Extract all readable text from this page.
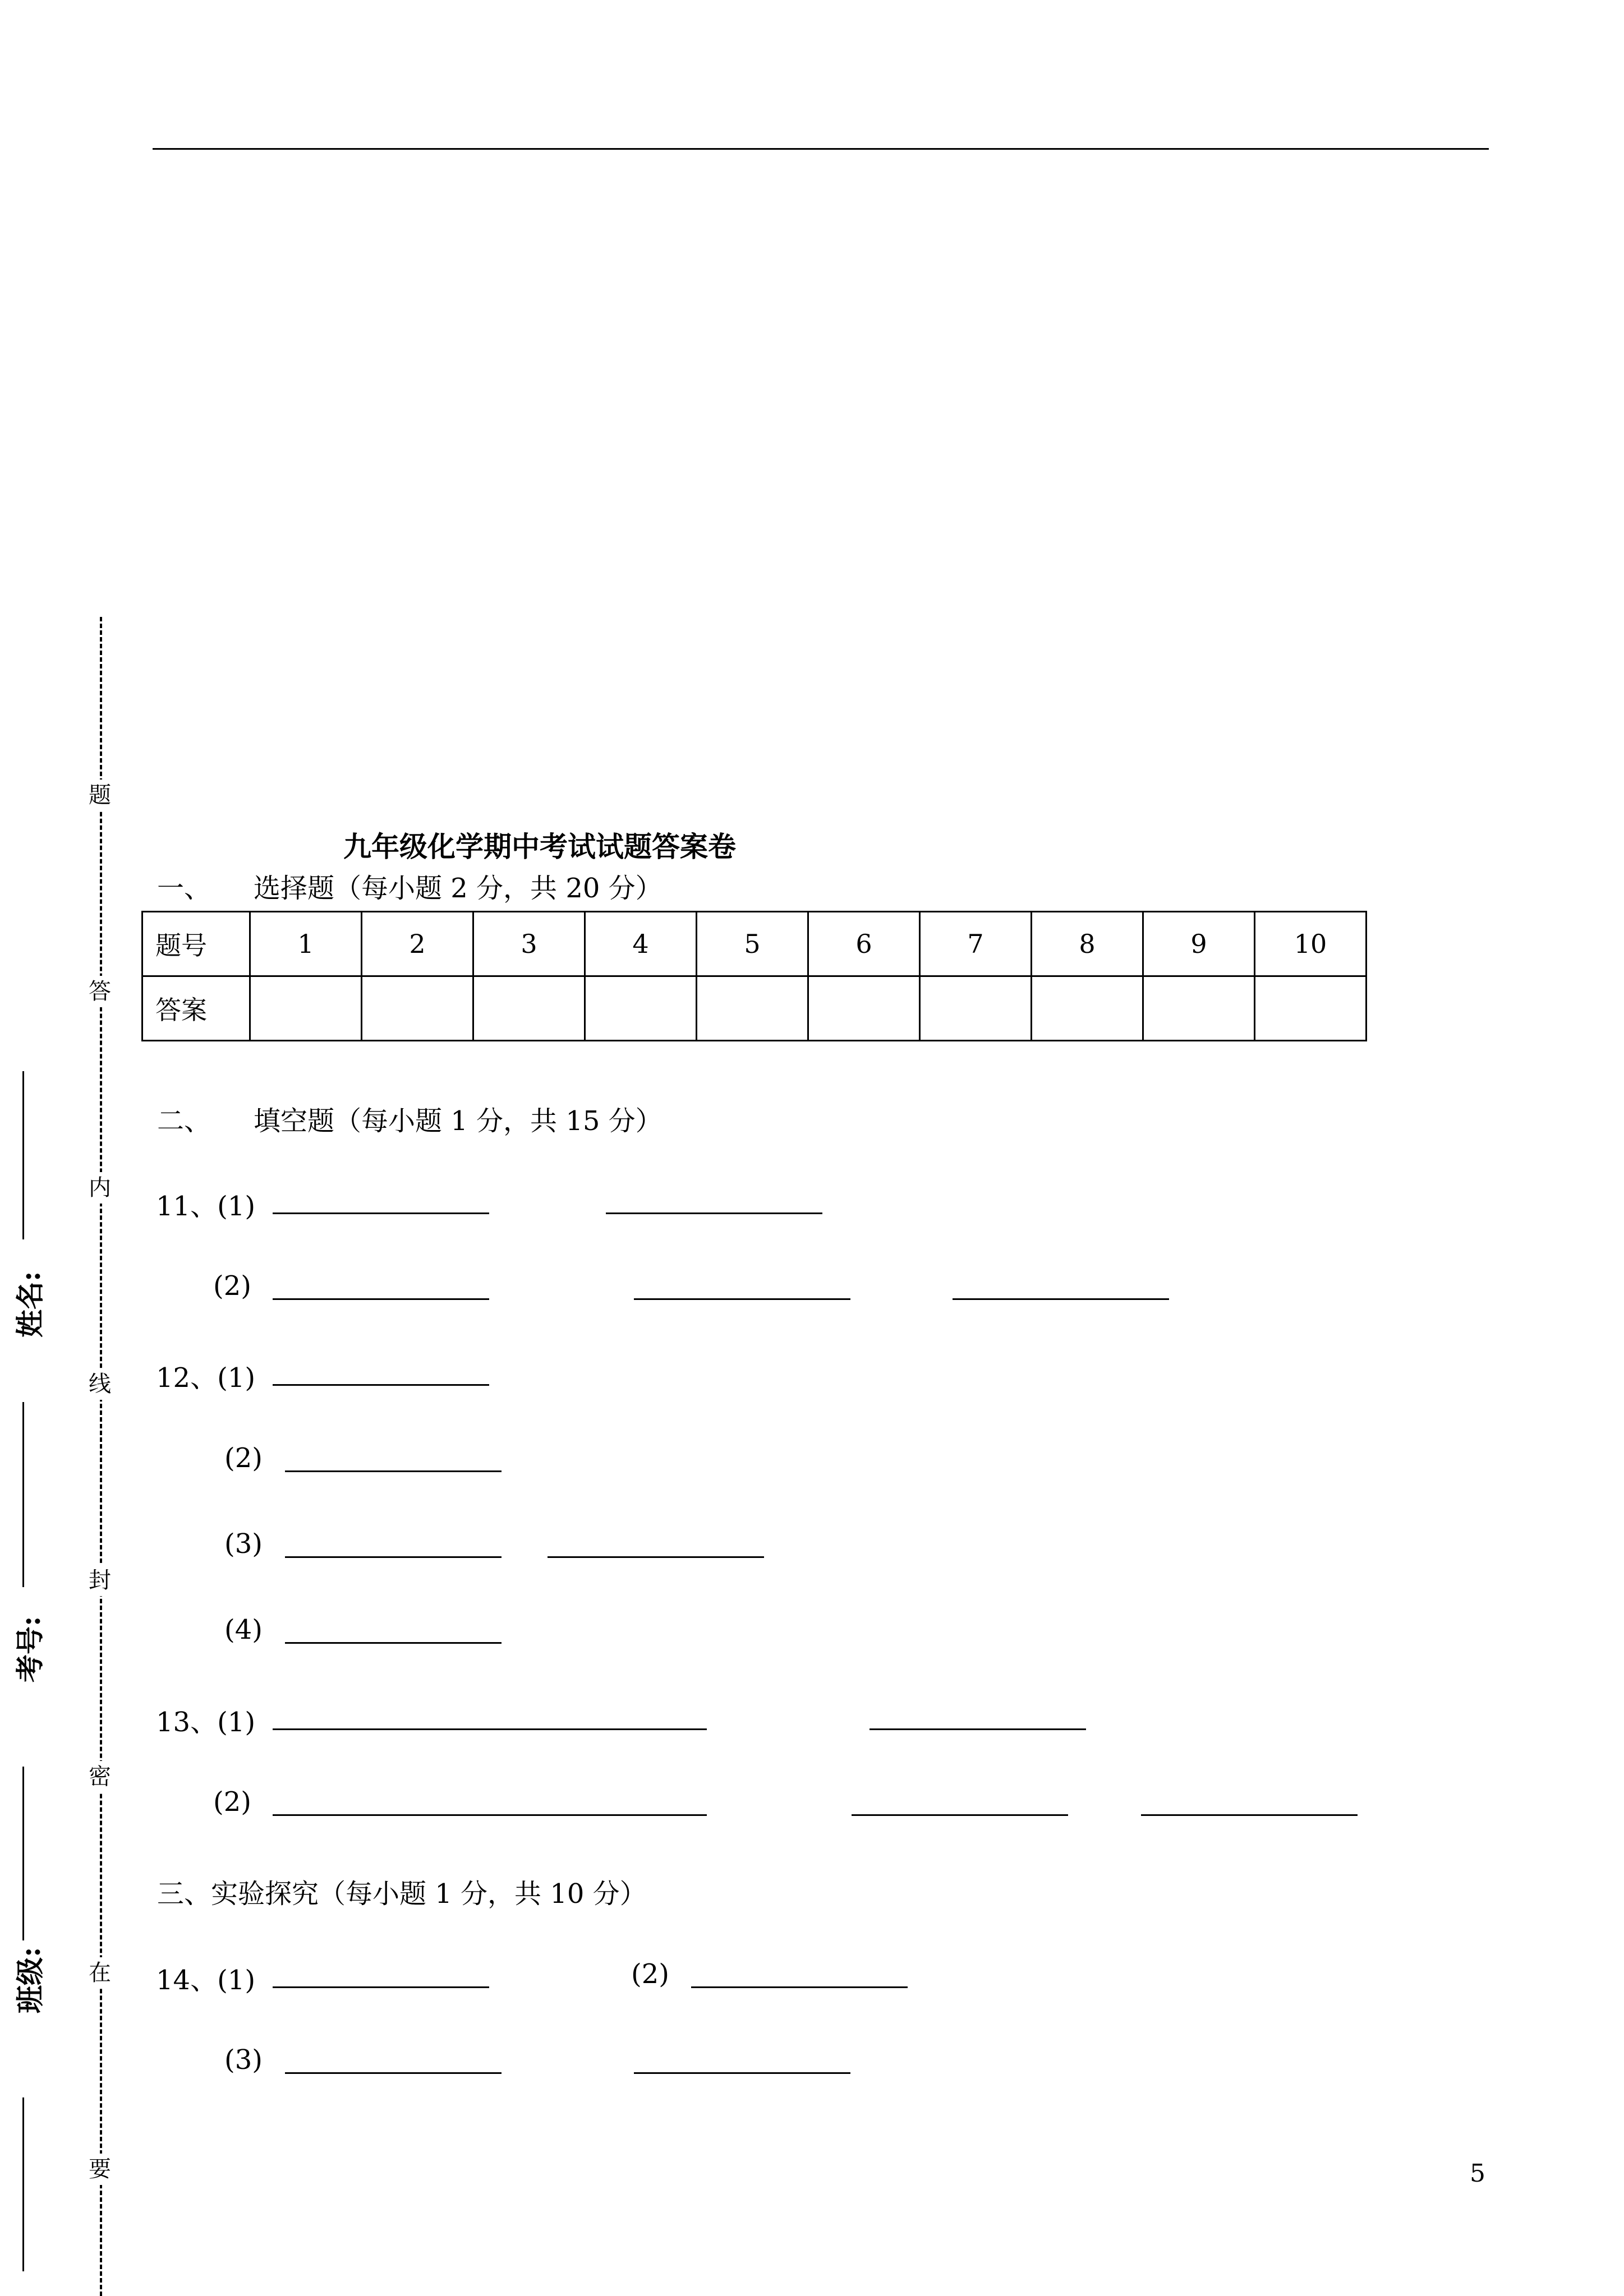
题
答
内
线
封
密
在
要
姓名:
考号:
班级:
九年级化学期中考试试题答案卷
一、 选择题（每小题 2 分，共 20 分）
题号	1	2	3	4	5	6	7	8	9	10
答案										
二、 填空题（每小题 1 分，共 15 分）
11、(1)
(2)
12、(1)
(2)
(3)
(4)
13、(1)
(2)
三、实验探究（每小题 1 分，共 10 分）
14、(1)	(2)
(3)
5
